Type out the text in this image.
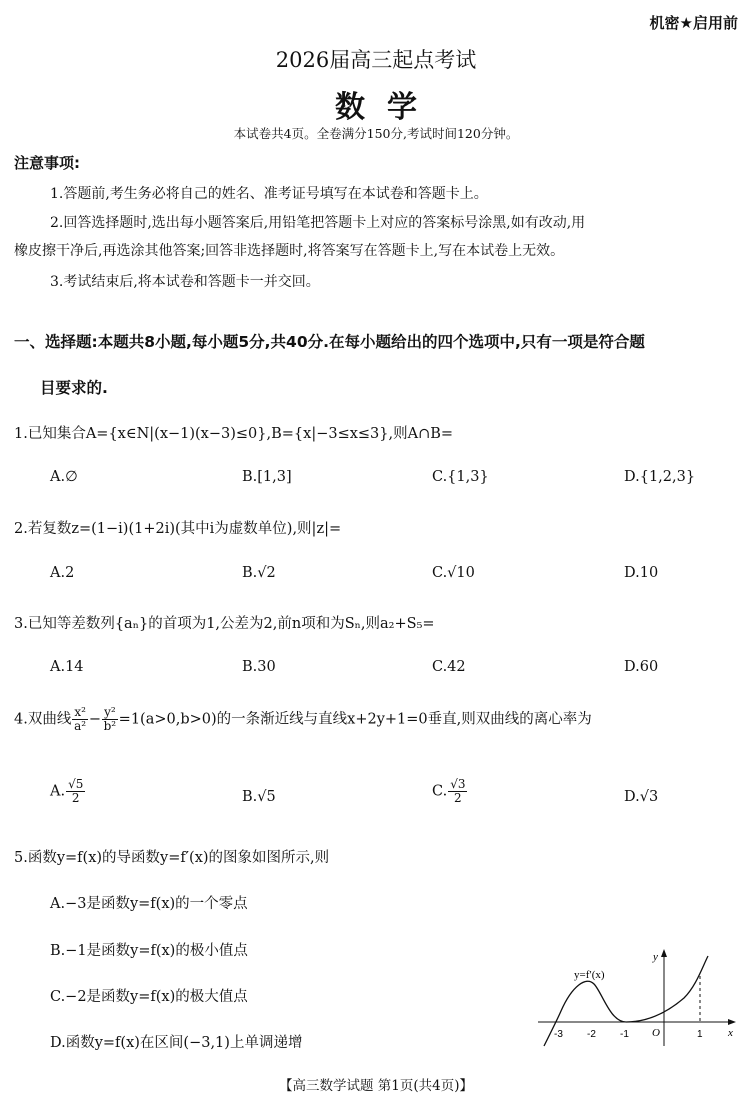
机密★启用前
2026届高三起点考试
数学
本试卷共4页。全卷满分150分,考试时间120分钟。
注意事项:
1.答题前,考生务必将自己的姓名、准考证号填写在本试卷和答题卡上。
2.回答选择题时,选出每小题答案后,用铅笔把答题卡上对应的答案标号涂黑,如有改动,用
橡皮擦干净后,再选涂其他答案;回答非选择题时,将答案写在答题卡上,写在本试卷上无效。
3.考试结束后,将本试卷和答题卡一并交回。
一、选择题:本题共8小题,每小题5分,共40分.在每小题给出的四个选项中,只有一项是符合题
目要求的.
1.已知集合A={x∈N|(x−1)(x−3)≤0},B={x|−3≤x≤3},则A∩B=
A.∅	B.[1,3]	C.{1,3}	D.{1,2,3}
2.若复数z=(1−i)(1+2i)(其中i为虚数单位),则|z|=
A.2	B.√2	C.√10	D.10
3.已知等差数列{aₙ}的首项为1,公差为2,前n项和为Sₙ,则a₂+S₅=
A.14	B.30	C.42	D.60
4.双曲线 $\frac{\text{x²}}{\text{a²}} - \frac{\text{y²}}{\text{b²}} =1(a>0,b>0)$的一条渐近线与直线x+2y+1=0垂直,则双曲线的离心率为
A. $\frac{√5}{2}$	B.√5	C. $\frac{√3}{2}$	D.√3
5.函数y=f(x)的导函数y=f′(x)的图象如图所示,则
A.−3是函数y=f(x)的一个零点
B.−1是函数y=f(x)的极小值点
C.−2是函数y=f(x)的极大值点
D.函数y=f(x)在区间(−3,1)上单调递增
y=f′(x)
y
x
O
-3 -2 -1	1
【高三数学试题 第1页(共4页)】
